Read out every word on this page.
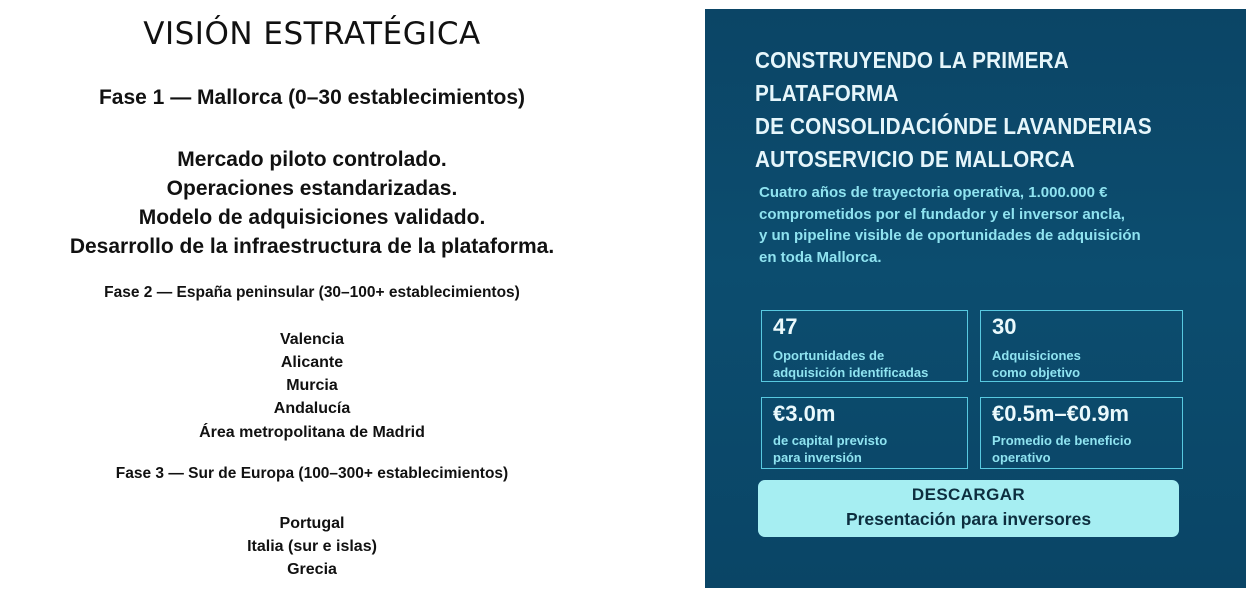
VISIÓN ESTRATÉGICA
Fase 1 — Mallorca (0–30 establecimientos)
Mercado piloto controlado.
Operaciones estandarizadas.
Modelo de adquisiciones validado.
Desarrollo de la infraestructura de la plataforma.
Fase 2 — España peninsular (30–100+ establecimientos)
Valencia
Alicante
Murcia
Andalucía
Área metropolitana de Madrid
Fase 3 — Sur de Europa (100–300+ establecimientos)
Portugal
Italia (sur e islas)
Grecia
CONSTRUYENDO LA PRIMERA PLATAFORMA
DE CONSOLIDACIÓNDE LAVANDERIAS
AUTOSERVICIO DE MALLORCA
Cuatro años de trayectoria operativa, 1.000.000 €
comprometidos por el fundador y el inversor ancla,
y un pipeline visible de oportunidades de adquisición
en toda Mallorca.
47
Oportunidades de
adquisición identificadas
30
Adquisiciones
como objetivo
€3.0m
de capital previsto
para inversión
€0.5m–€0.9m
Promedio de beneficio
operativo
DESCARGAR
Presentación para inversores
